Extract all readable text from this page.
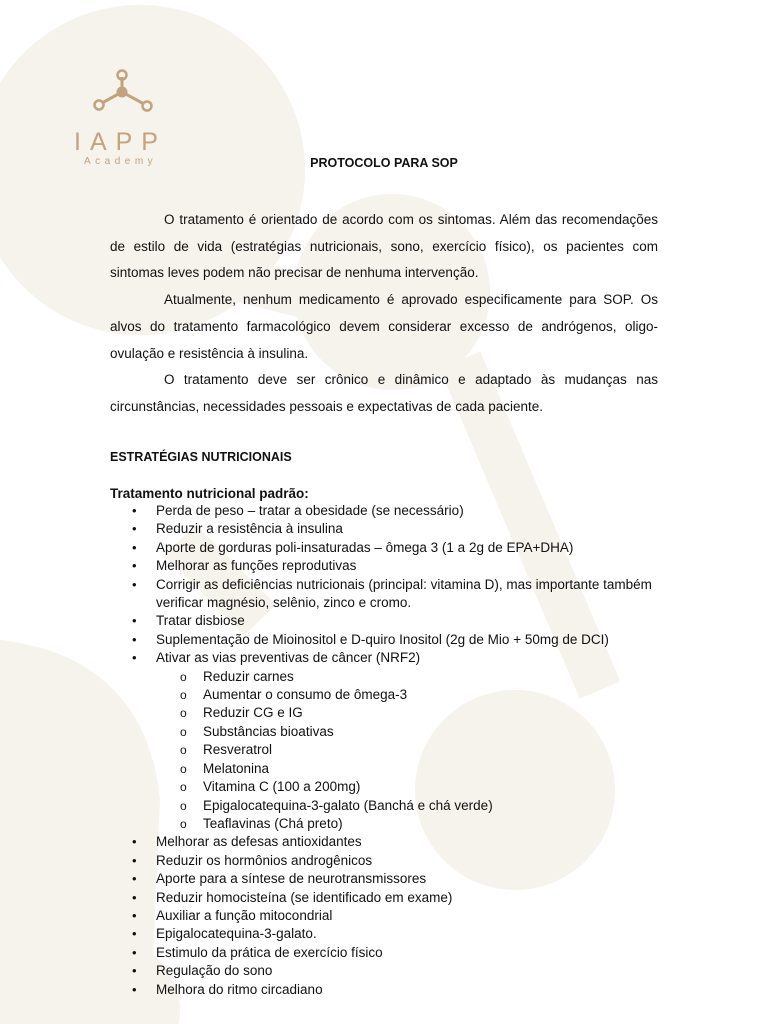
IAPP
Academy	PROTOCOLO PARA SOP

O tratamento é orientado de acordo com os sintomas. Além das recomendações de estilo de vida (estratégias nutricionais, sono, exercício físico), os pacientes com sintomas leves podem não precisar de nenhuma intervenção.

Atualmente, nenhum medicamento é aprovado especificamente para SOP. Os alvos do tratamento farmacológico devem considerar excesso de andrógenos, oligo-ovulação e resistência à insulina.

O tratamento deve ser crônico e dinâmico e adaptado às mudanças nas circunstâncias, necessidades pessoais e expectativas de cada paciente.

ESTRATÉGIAS NUTRICIONAIS
Tratamento nutricional padrão:
• Perda de peso – tratar a obesidade (se necessário)
• Reduzir a resistência à insulina
• Aporte de gorduras poli-insaturadas – ômega 3 (1 a 2g de EPA+DHA)
• Melhorar as funções reprodutivas
• Corrigir as deficiências nutricionais (principal: vitamina D), mas importante também verificar magnésio, selênio, zinco e cromo.
• Tratar disbiose
• Suplementação de Mioinositol e D-quiro Inositol (2g de Mio + 50mg de DCI)
• Ativar as vias preventivas de câncer (NRF2)
o Reduzir carnes
o Aumentar o consumo de ômega-3
o Reduzir CG e IG
o Substâncias bioativas
o Resveratrol
o Melatonina
o Vitamina C (100 a 200mg)
o Epigalocatequina-3-galato (Banchá e chá verde)
o Teaflavinas (Chá preto)
• Melhorar as defesas antioxidantes
• Reduzir os hormônios androgênicos
• Aporte para a síntese de neurotransmissores
• Reduzir homocisteína (se identificado em exame)
• Auxiliar a função mitocondrial
• Epigalocatequina-3-galato.
• Estimulo da prática de exercício físico
• Regulação do sono
• Melhora do ritmo circadiano
